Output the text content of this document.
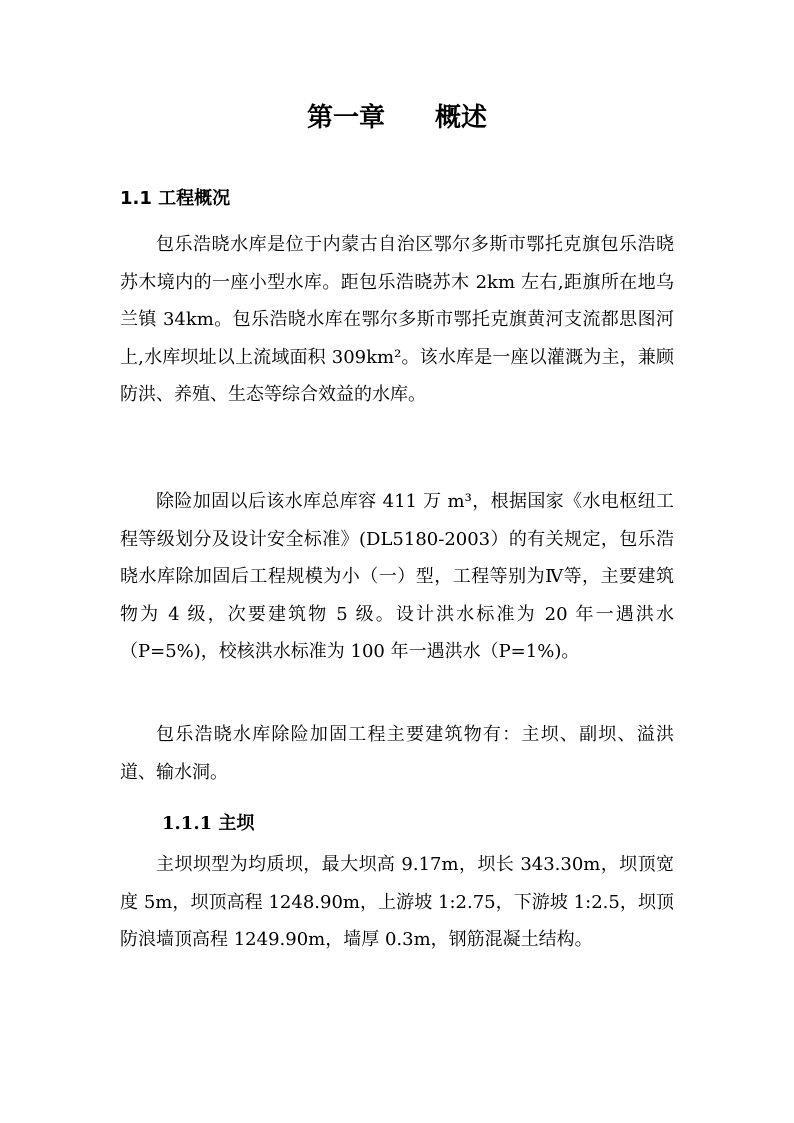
第一章 概述
1.1 工程概况

包乐浩晓水库是位于内蒙古自治区鄂尔多斯市鄂托克旗包乐浩晓苏木境内的一座小型水库。距包乐浩晓苏木 2km 左右,距旗所在地乌兰镇 34km。包乐浩晓水库在鄂尔多斯市鄂托克旗黄河支流都思图河上,水库坝址以上流域面积 309km²。该水库是一座以灌溉为主，兼顾防洪、养殖、生态等综合效益的水库。

除险加固以后该水库总库容 411 万 m³，根据国家《水电枢纽工程等级划分及设计安全标准》(DL5180-2003）的有关规定，包乐浩晓水库除加固后工程规模为小（一）型，工程等别为Ⅳ等，主要建筑物为 4 级，次要建筑物 5 级。设计洪水标准为 20 年一遇洪水（P=5%)，校核洪水标准为 100 年一遇洪水（P=1%)。

包乐浩晓水库除险加固工程主要建筑物有：主坝、副坝、溢洪道、输水洞。

1.1.1 主坝

主坝坝型为均质坝，最大坝高 9.17m，坝长 343.30m，坝顶宽度 5m，坝顶高程 1248.90m，上游坡 1:2.75，下游坡 1:2.5，坝顶防浪墙顶高程 1249.90m，墙厚 0.3m，钢筋混凝土结构。
